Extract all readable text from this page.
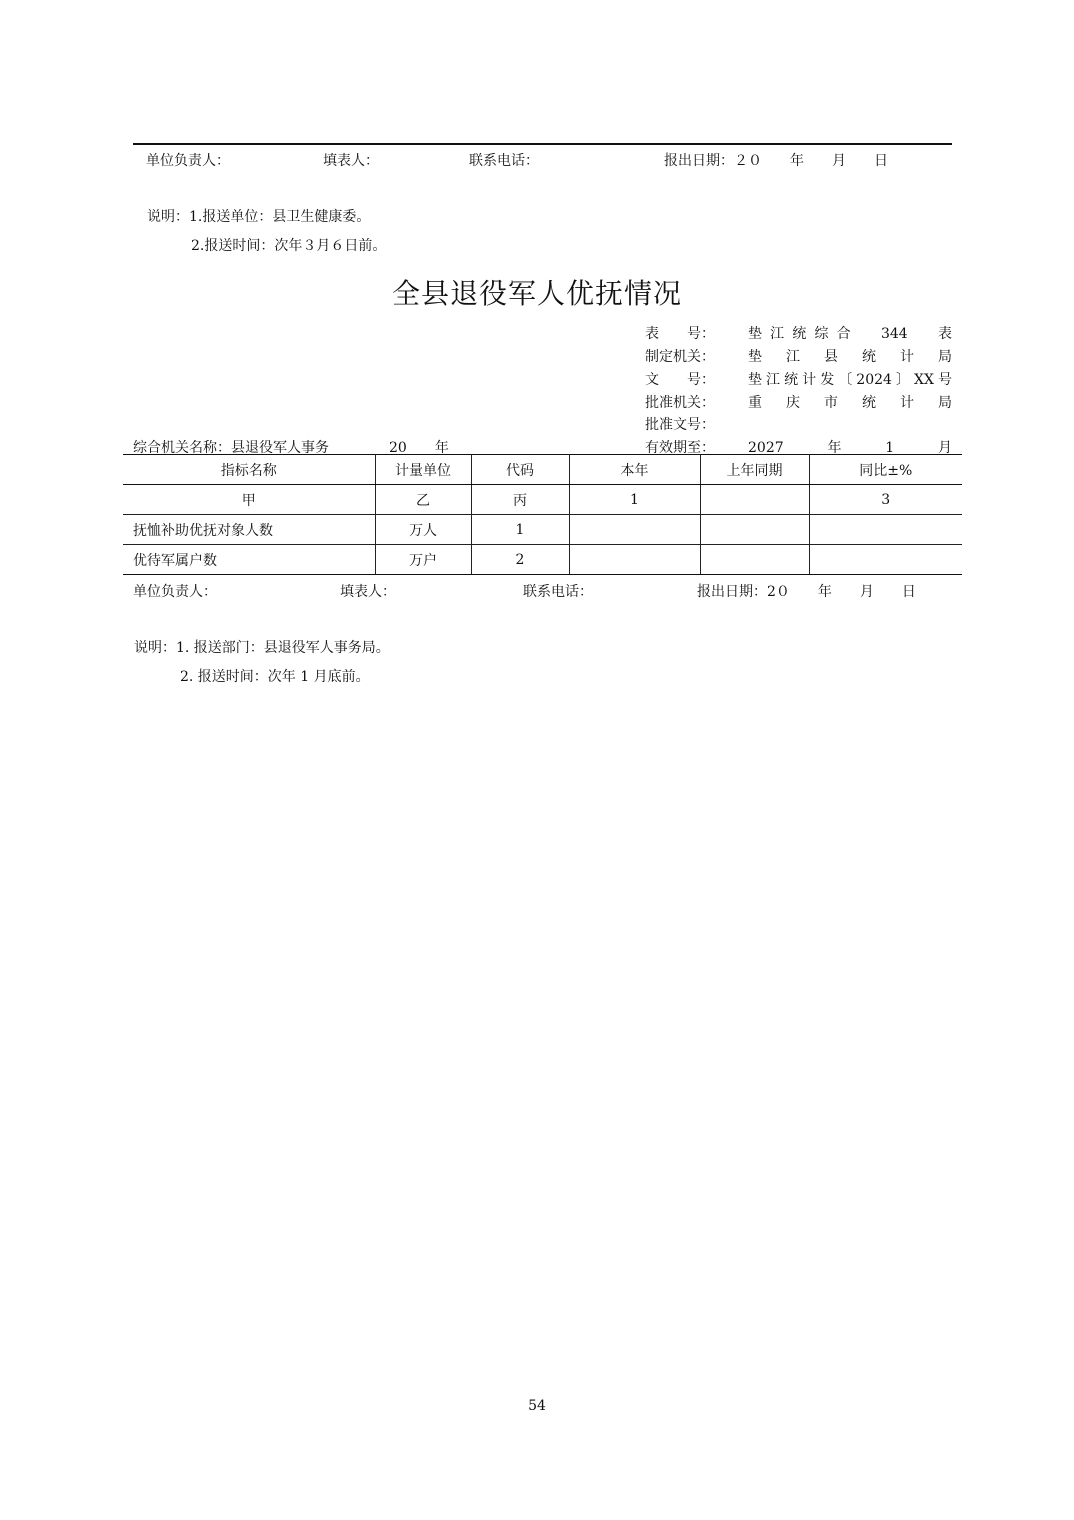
单位负责人：	填表人：	联系电话：	报出日期：２０　　年　　月　　日
说明：1.报送单位：县卫生健康委。
2.报送时间：次年３月６日前。
全县退役军人优抚情况
表　　号： 垫江统综合　344　表
制定机关： 垫江县统计局
文　　号： 垫江统计发〔2024〕XX号
批准机关： 重庆市统计局
批准文号：
有效期至： 2027年1月
综合机关名称：县退役军人事务	20　　年
指标名称	计量单位	代码	本年	上年同期	同比±%
甲	乙	丙	1		3
抚恤补助优抚对象人数	万人	1			
优待军属户数	万户	2			
单位负责人：	填表人：	联系电话：	报出日期：2０　　年　　月　　日
说明：1. 报送部门：县退役军人事务局。
2. 报送时间：次年 1 月底前。
54
